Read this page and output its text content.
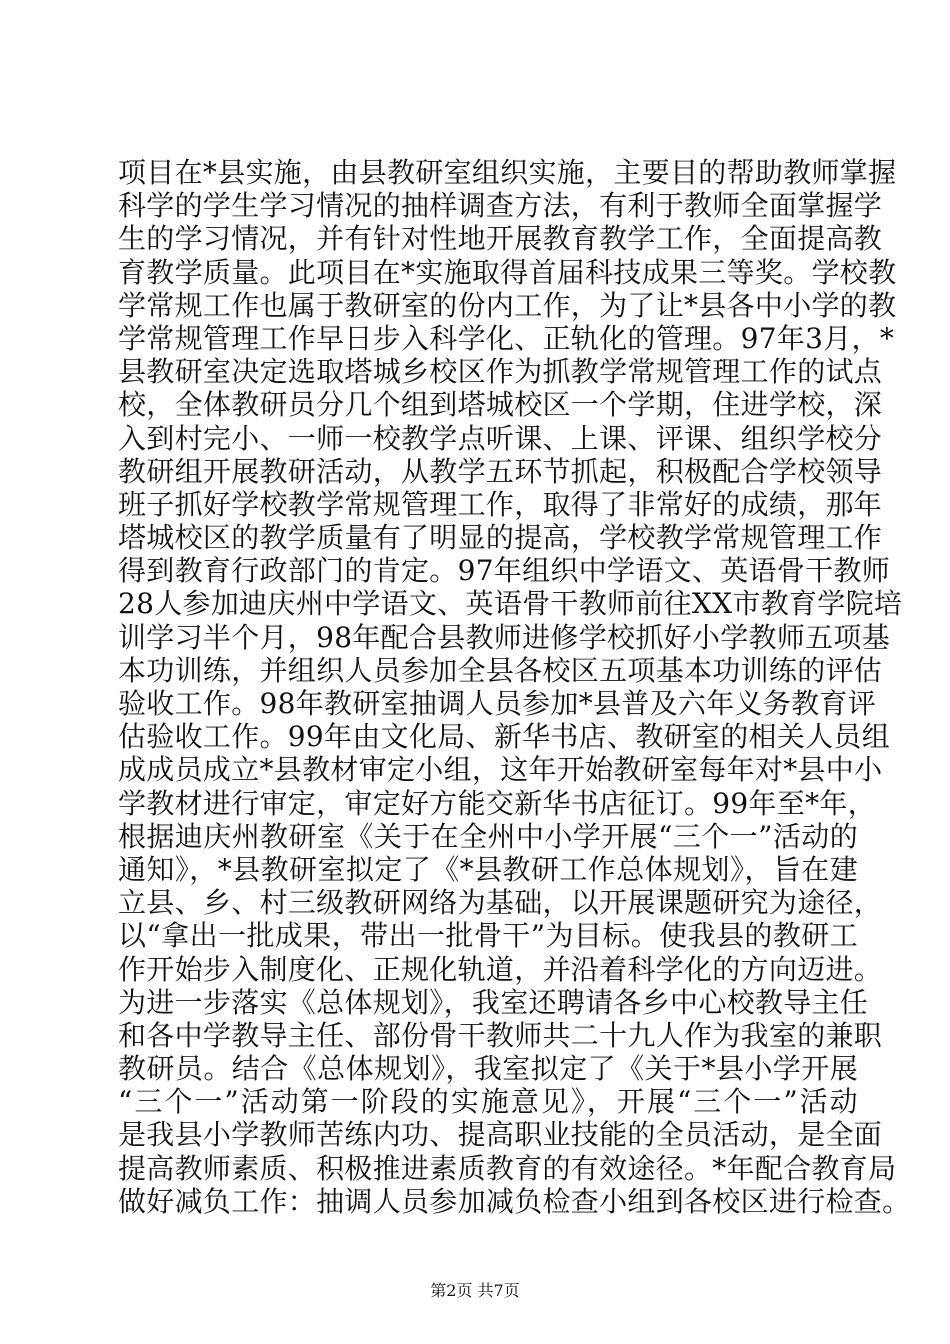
项目在*县实施，由县教研室组织实施，主要目的帮助教师掌握
科学的学生学习情况的抽样调查方法，有利于教师全面掌握学
生的学习情况，并有针对性地开展教育教学工作，全面提高教
育教学质量。此项目在*实施取得首届科技成果三等奖。学校教
学常规工作也属于教研室的份内工作，为了让*县各中小学的教
学常规管理工作早日步入科学化、正轨化的管理。97年3月，*
县教研室决定选取塔城乡校区作为抓教学常规管理工作的试点
校，全体教研员分几个组到塔城校区一个学期，住进学校，深
入到村完小、一师一校教学点听课、上课、评课、组织学校分
教研组开展教研活动，从教学五环节抓起，积极配合学校领导
班子抓好学校教学常规管理工作，取得了非常好的成绩，那年
塔城校区的教学质量有了明显的提高，学校教学常规管理工作
得到教育行政部门的肯定。97年组织中学语文、英语骨干教师
28人参加迪庆州中学语文、英语骨干教师前往XX市教育学院培
训学习半个月，98年配合县教师进修学校抓好小学教师五项基
本功训练，并组织人员参加全县各校区五项基本功训练的评估
验收工作。98年教研室抽调人员参加*县普及六年义务教育评
估验收工作。99年由文化局、新华书店、教研室的相关人员组
成成员成立*县教材审定小组，这年开始教研室每年对*县中小
学教材进行审定，审定好方能交新华书店征订。99年至*年，
根据迪庆州教研室《关于在全州中小学开展“三个一”活动的
通知》，*县教研室拟定了《*县教研工作总体规划》，旨在建
立县、乡、村三级教研网络为基础，以开展课题研究为途径，
以“拿出一批成果，带出一批骨干”为目标。使我县的教研工
作开始步入制度化、正规化轨道，并沿着科学化的方向迈进。
为进一步落实《总体规划》，我室还聘请各乡中心校教导主任
和各中学教导主任、部份骨干教师共二十九人作为我室的兼职
教研员。结合《总体规划》，我室拟定了《关于*县小学开展
“三个一”活动第一阶段的实施意见》，开展“三个一”活动
是我县小学教师苦练内功、提高职业技能的全员活动，是全面
提高教师素质、积极推进素质教育的有效途径。*年配合教育局
做好减负工作：抽调人员参加减负检查小组到各校区进行检查。
第2页 共7页
